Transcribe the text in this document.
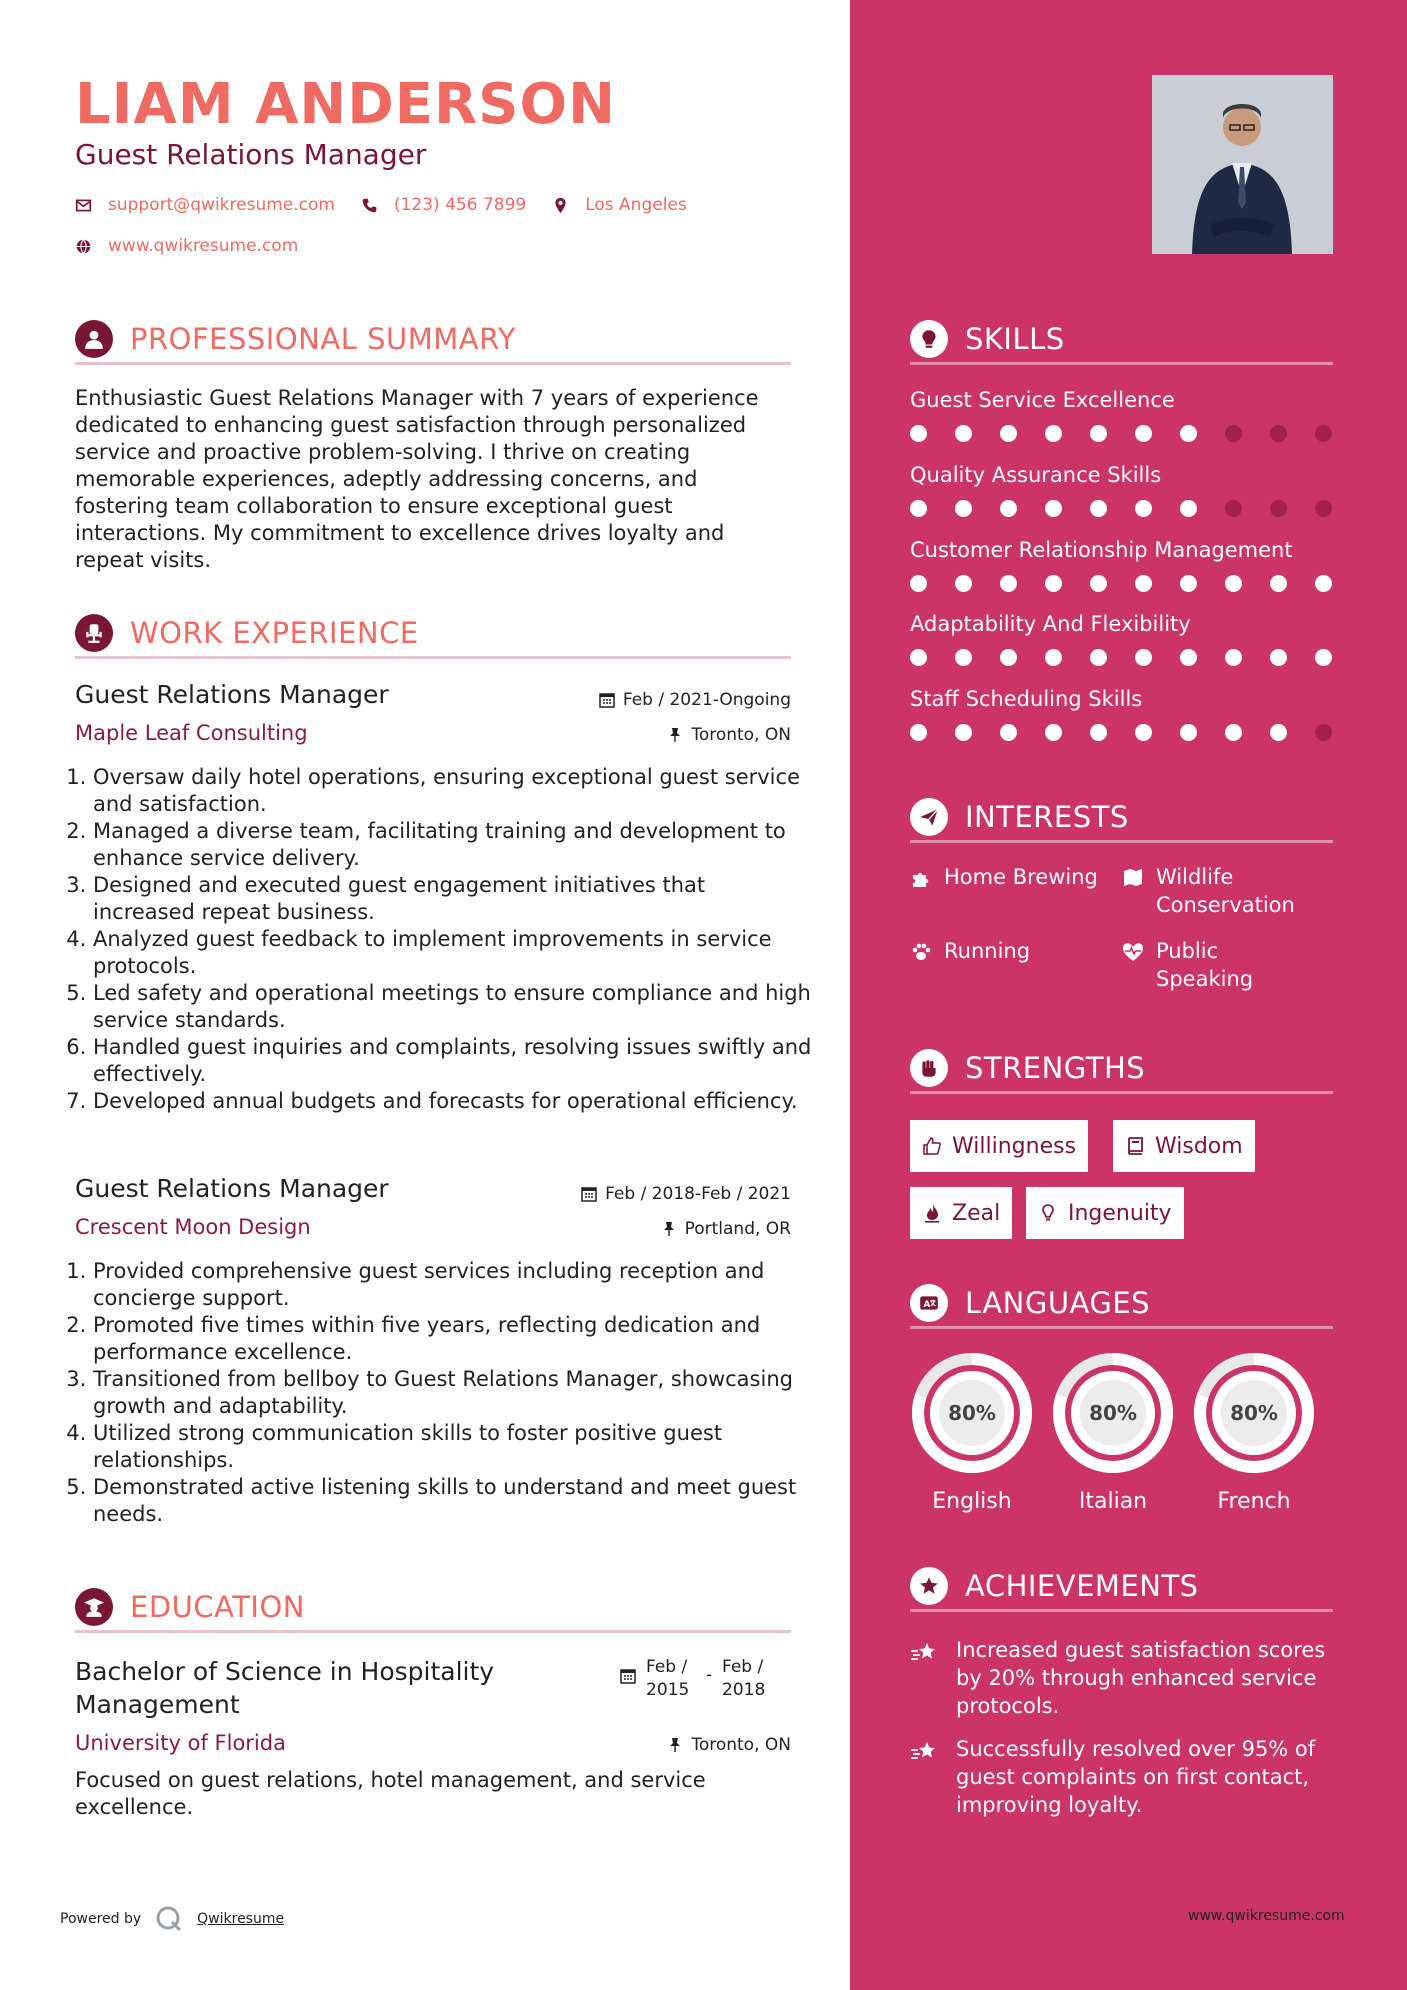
LIAM ANDERSON
Guest Relations Manager
support@qwikresume.com	(123) 456 7899	Los Angeles
www.qwikresume.com
PROFESSIONAL SUMMARY
Enthusiastic Guest Relations Manager with 7 years of experience dedicated to enhancing guest satisfaction through personalized service and proactive problem-solving. I thrive on creating memorable experiences, adeptly addressing concerns, and fostering team collaboration to ensure exceptional guest interactions. My commitment to excellence drives loyalty and repeat visits.
WORK EXPERIENCE
Guest Relations Manager	Feb / 2021-Ongoing
Maple Leaf Consulting	Toronto, ON
1. Oversaw daily hotel operations, ensuring exceptional guest service and satisfaction.
2. Managed a diverse team, facilitating training and development to enhance service delivery.
3. Designed and executed guest engagement initiatives that increased repeat business.
4. Analyzed guest feedback to implement improvements in service protocols.
5. Led safety and operational meetings to ensure compliance and high service standards.
6. Handled guest inquiries and complaints, resolving issues swiftly and effectively.
7. Developed annual budgets and forecasts for operational efficiency.
Guest Relations Manager	Feb / 2018-Feb / 2021
Crescent Moon Design	Portland, OR
1. Provided comprehensive guest services including reception and concierge support.
2. Promoted five times within five years, reflecting dedication and performance excellence.
3. Transitioned from bellboy to Guest Relations Manager, showcasing growth and adaptability.
4. Utilized strong communication skills to foster positive guest relationships.
5. Demonstrated active listening skills to understand and meet guest needs.
EDUCATION
Bachelor of Science in Hospitality Management
Feb / 2015
- Feb / 2018
University of Florida	Toronto, ON
Focused on guest relations, hotel management, and service excellence.
SKILLS
Guest Service Excellence
Quality Assurance Skills
Customer Relationship Management
Adaptability And Flexibility
Staff Scheduling Skills
INTERESTS
Home Brewing	Wildlife Conservation
Running	Public Speaking
STRENGTHS
Willingness	Wisdom
Zeal	Ingenuity
A LANGUAGES
80%
English
80%
Italian
80%
French
ACHIEVEMENTS
Increased guest satisfaction scores by 20% through enhanced service protocols.
Successfully resolved over 95% of guest complaints on first contact, improving loyalty.
Powered by	Qwikresume	www.qwikresume.com
